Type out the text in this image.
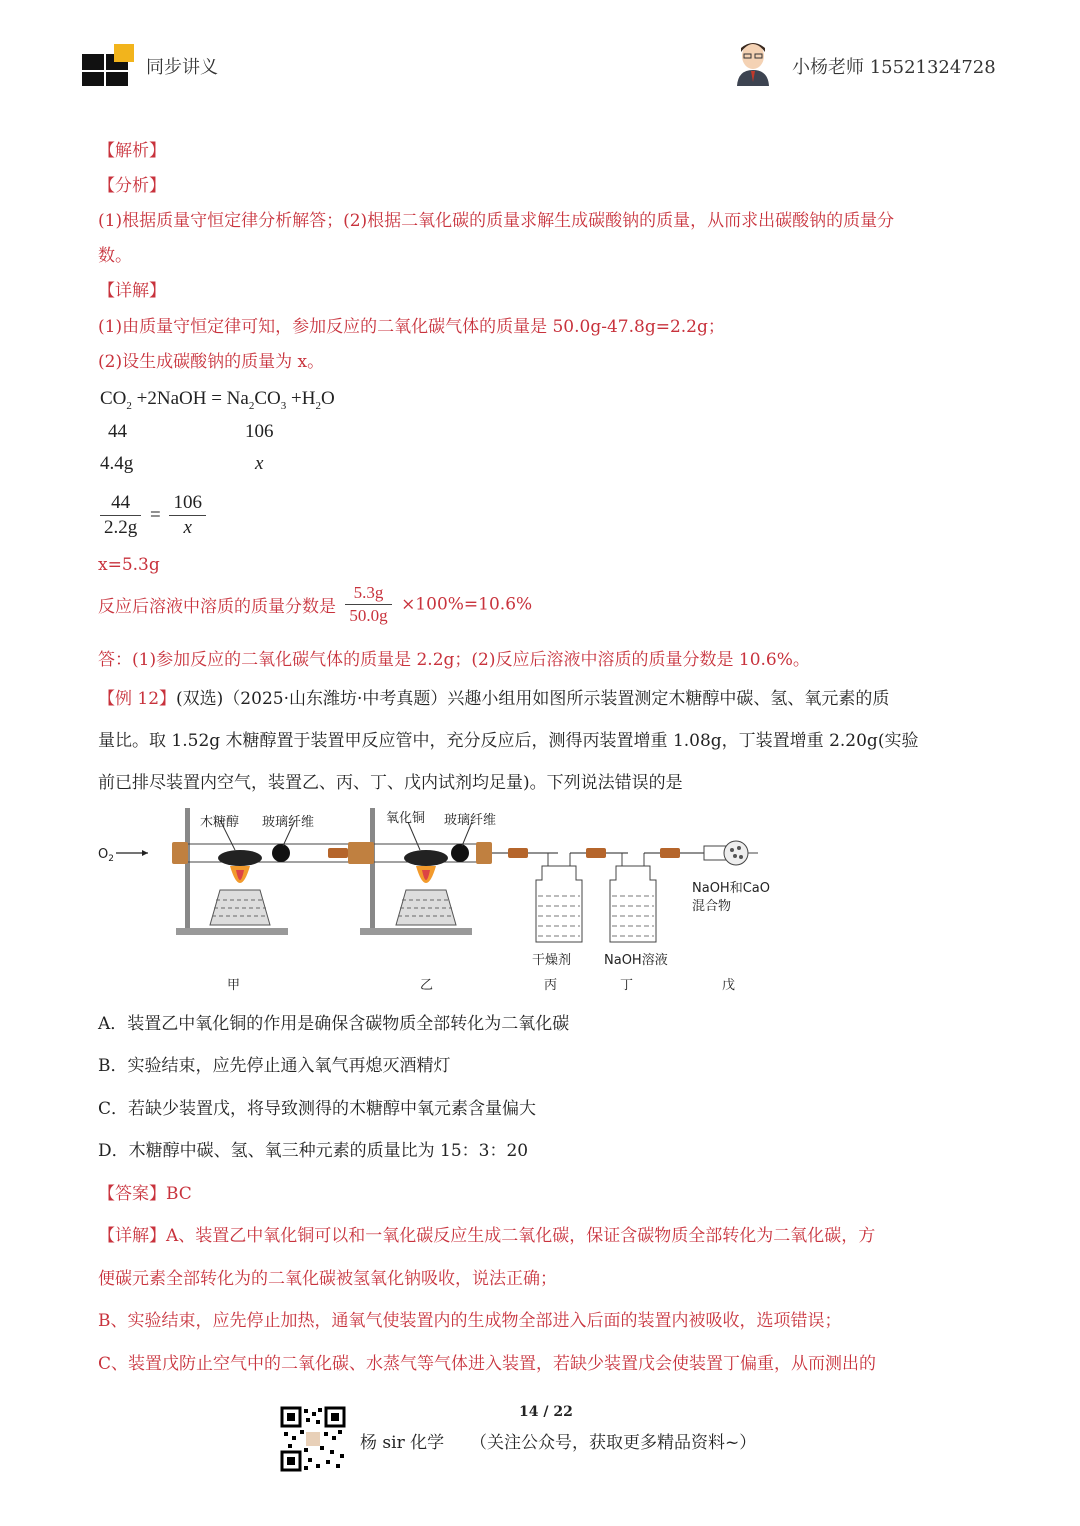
同步讲义	小杨老师 15521324728
【解析】
【分析】
(1)根据质量守恒定律分析解答；(2)根据二氧化碳的质量求解生成碳酸钠的质量，从而求出碳酸钠的质量分
数。
【详解】
(1)由质量守恒定律可知，参加反应的二氧化碳气体的质量是 50.0g-47.8g=2.2g；
(2)设生成碳酸钠的质量为 x。
$CO_2$ +2NaOH = $Na_2CO_3 +H_2O$
44	106
4.4g	x
$\frac{44}{2.2g} = \frac{106}{x}$
x=5.3g
反应后溶液中溶质的质量分数是 $\frac{5.3g}{50.0g} \times 100\%=10.6\%$
答：(1)参加反应的二氧化碳气体的质量是 2.2g；(2)反应后溶液中溶质的质量分数是 10.6%。
【例 12】(双选)（2025·山东潍坊·中考真题）兴趣小组用如图所示装置测定木糖醇中碳、氢、氧元素的质
量比。取 1.52g 木糖醇置于装置甲反应管中，充分反应后，测得丙装置增重 1.08g，丁装置增重 2.20g(实验
前已排尽装置内空气，装置乙、丙、丁、戊内试剂均足量)。下列说法错误的是
$O_2$
木糖醇 玻璃纤维	氧化铜 玻璃纤维
NaOH和CaO
混合物
干燥剂	NaOH溶液
甲	乙	丙	丁	戊
A．装置乙中氧化铜的作用是确保含碳物质全部转化为二氧化碳
B．实验结束，应先停止通入氧气再熄灭酒精灯
C．若缺少装置戊，将导致测得的木糖醇中氧元素含量偏大
D．木糖醇中碳、氢、氧三种元素的质量比为 15：3：20
【答案】BC
【详解】A、装置乙中氧化铜可以和一氧化碳反应生成二氧化碳，保证含碳物质全部转化为二氧化碳，方
便碳元素全部转化为的二氧化碳被氢氧化钠吸收，说法正确；
B、实验结束，应先停止加热，通氧气使装置内的生成物全部进入后面的装置内被吸收，选项错误；
C、装置戊防止空气中的二氧化碳、水蒸气等气体进入装置，若缺少装置戊会使装置丁偏重，从而测出的
14 / 22
杨 sir 化学 （关注公众号，获取更多精品资料~）
